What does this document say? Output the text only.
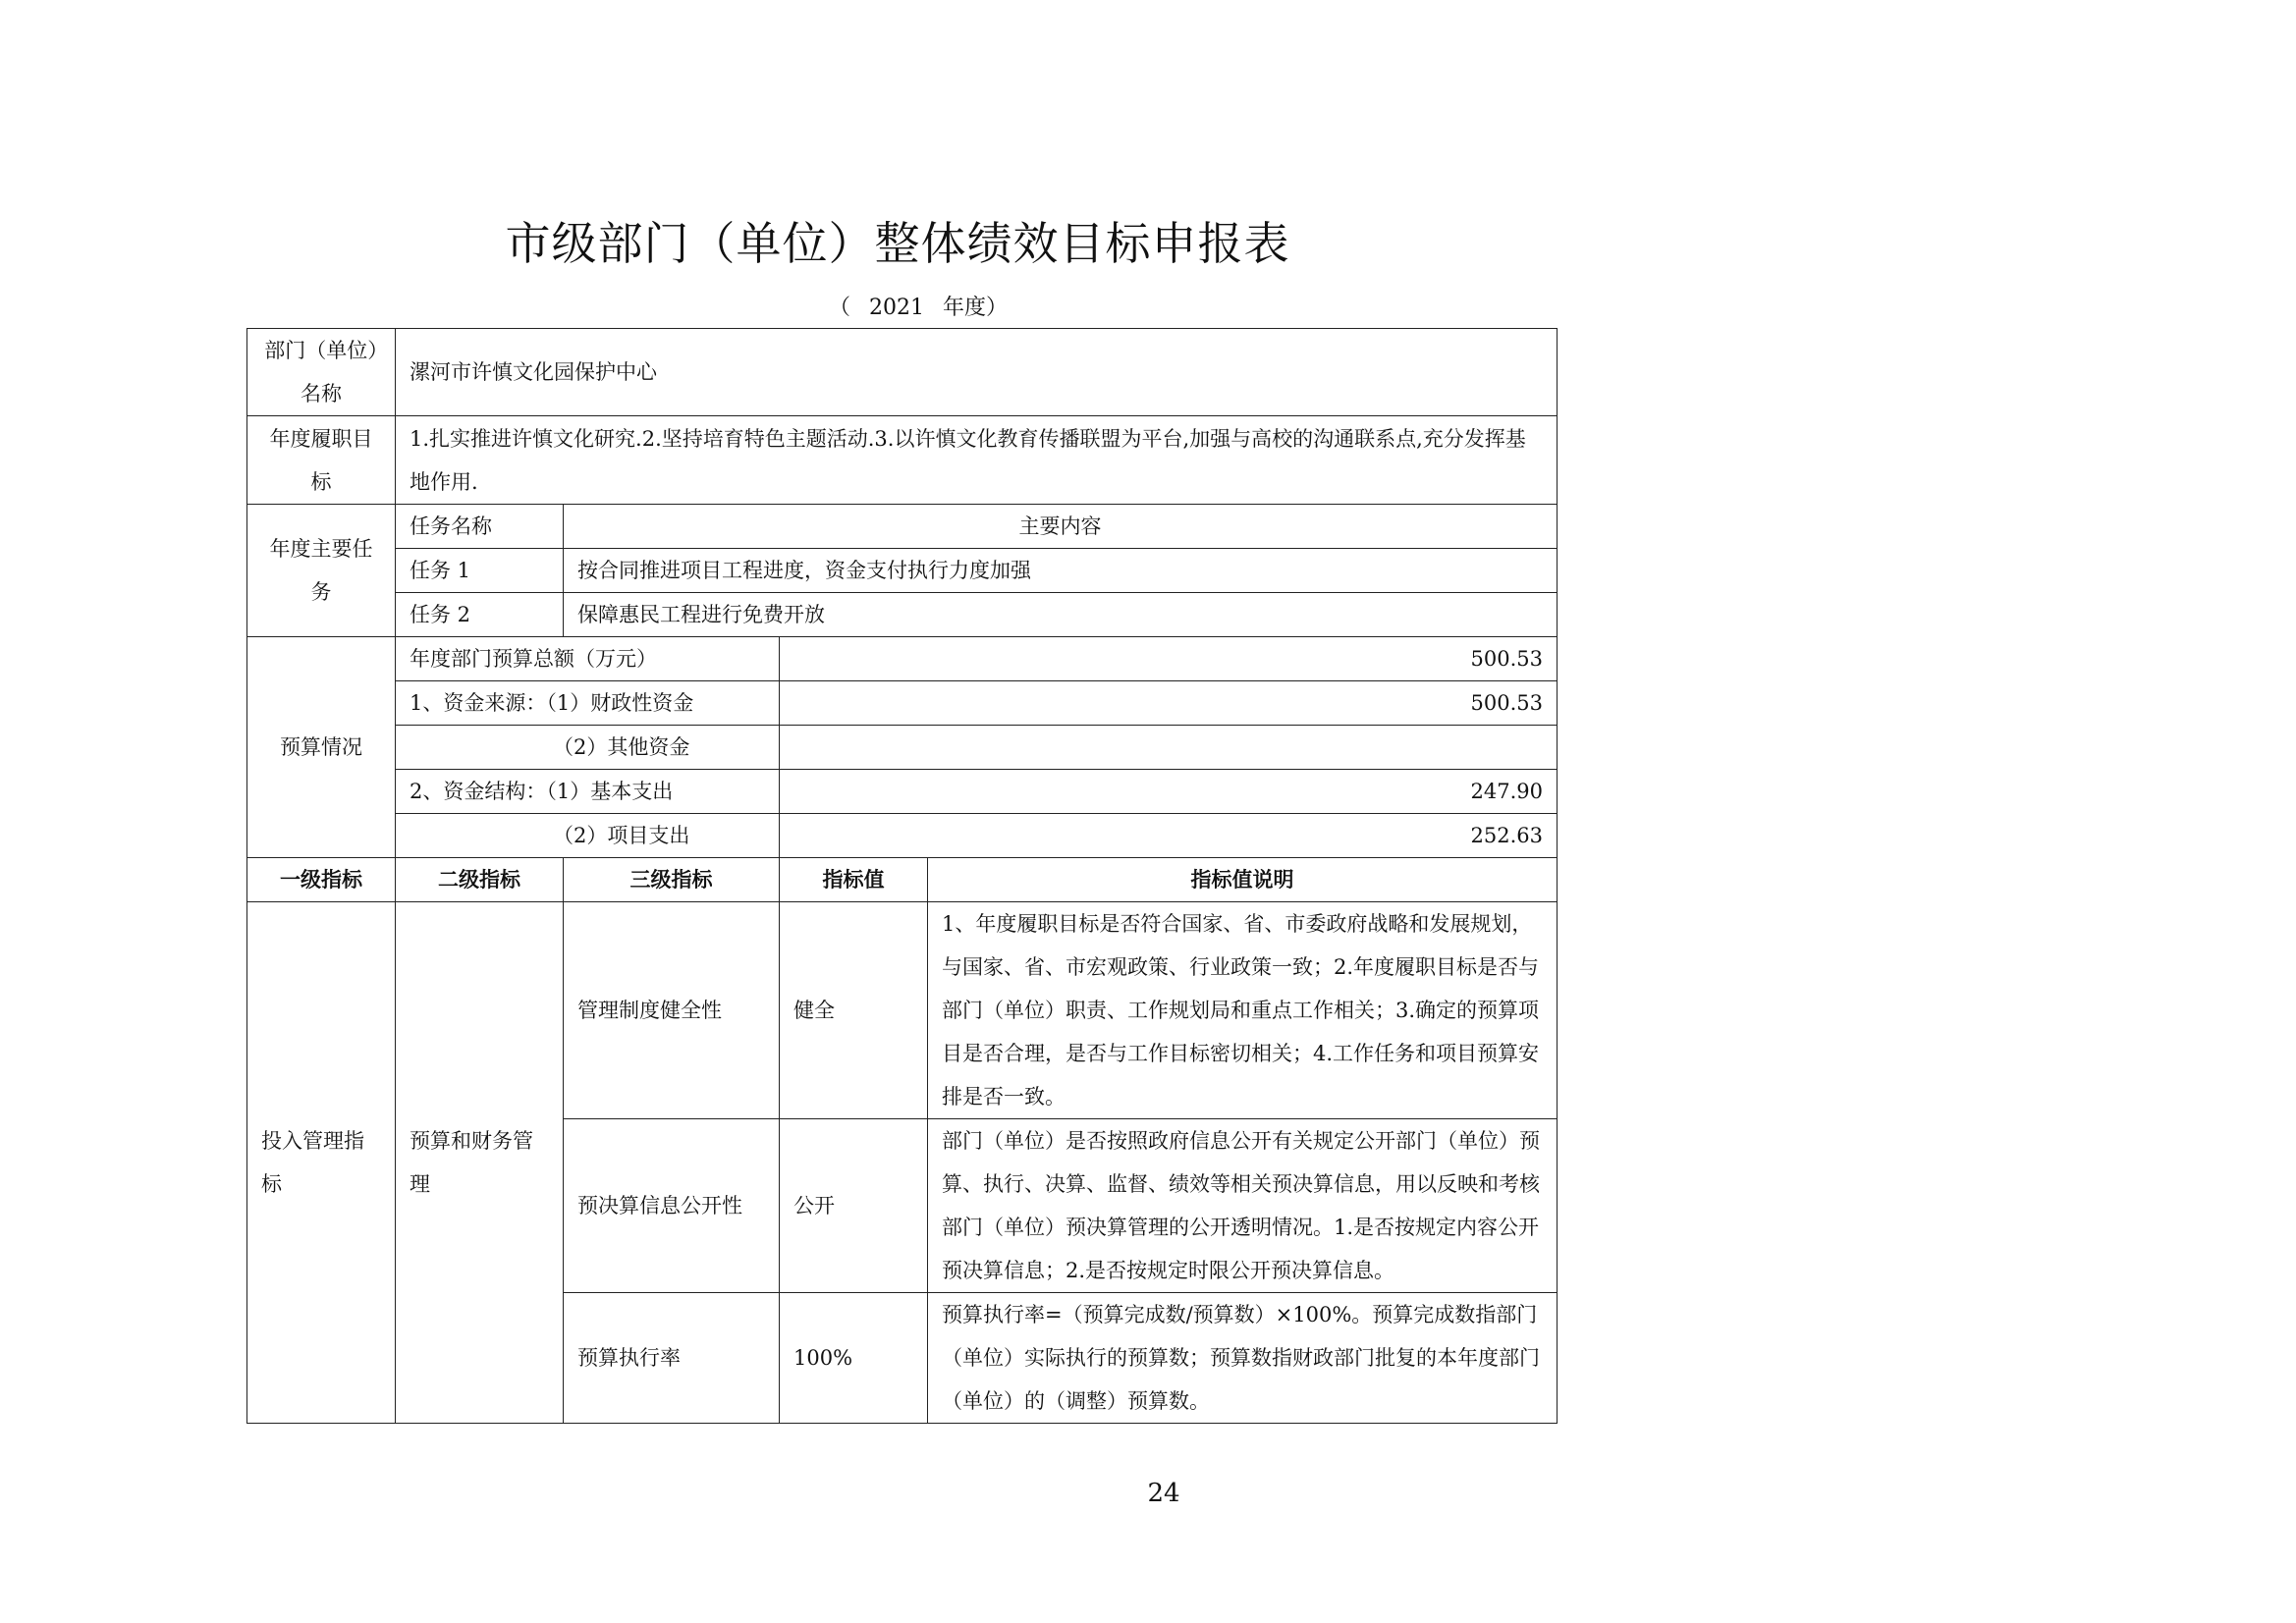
市级部门（单位）整体绩效目标申报表
（ 2021 年度）
部门（单位）名称	漯河市许慎文化园保护中心			
年度履职目标	1.扎实推进许慎文化研究.2.坚持培育特色主题活动.3.以许慎文化教育传播联盟为平台,加强与高校的沟通联系点,充分发挥基地作用.			
年度主要任务	任务名称	主要内容		
	任务 1	按合同推进项目工程进度，资金支付执行力度加强		
	任务 2	保障惠民工程进行免费开放		
预算情况	年度部门预算总额（万元）		500.53	
	1、资金来源：（1）财政性资金		500.53	
	（2）其他资金			
	2、资金结构：（1）基本支出		247.90	
	（2）项目支出		252.63	
一级指标	二级指标	三级指标	指标值	指标值说明
投入管理指标	预算和财务管理	管理制度健全性	健全	1、年度履职目标是否符合国家、省、市委政府战略和发展规划，与国家、省、市宏观政策、行业政策一致；2.年度履职目标是否与部门（单位）职责、工作规划局和重点工作相关；3.确定的预算项目是否合理，是否与工作目标密切相关；4.工作任务和项目预算安排是否一致。
		预决算信息公开性	公开	部门（单位）是否按照政府信息公开有关规定公开部门（单位）预算、执行、决算、监督、绩效等相关预决算信息，用以反映和考核部门（单位）预决算管理的公开透明情况。1.是否按规定内容公开预决算信息；2.是否按规定时限公开预决算信息。
		预算执行率	100%	预算执行率=（预算完成数/预算数）×100%。预算完成数指部门（单位）实际执行的预算数；预算数指财政部门批复的本年度部门（单位）的（调整）预算数。
24
